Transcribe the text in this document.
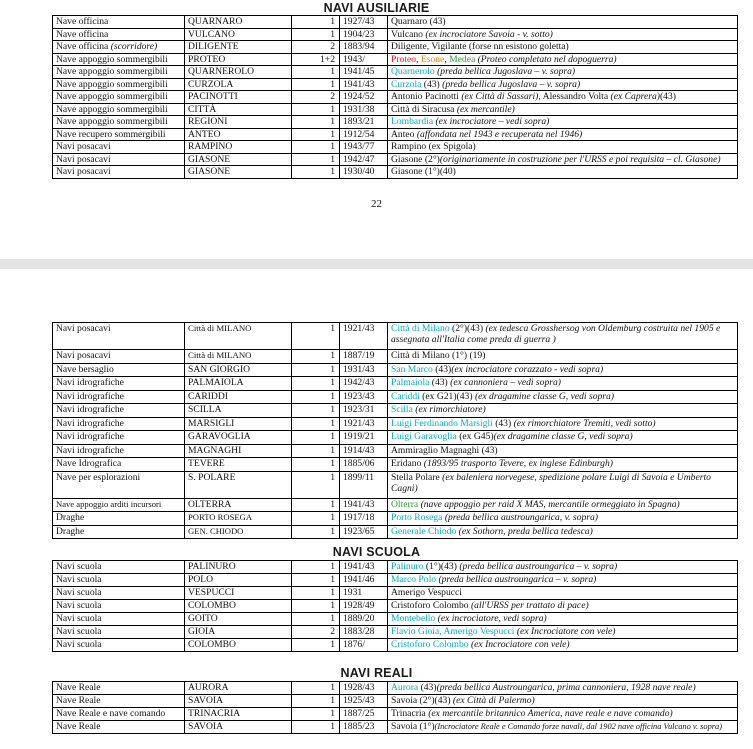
NAVI AUSILIARIE
Nave officina	QUARNARO	1	1927/43	Quarnaro (43)
Nave officina	VULCANO	1	1904/23	Vulcano (ex incrociatore Savoia - v. sotto)
Nave officina (scorridore)	DILIGENTE	2	1883/94	Diligente, Vigilante (forse nn esistono goletta)
Nave appoggio sommergibili	PROTEO	1+2	1943/	Proteo, Esone, Medea (Proteo completato nel dopoguerra)
Nave appoggio sommergibili	QUARNEROLO	1	1941/45	Quarnerolo (preda bellica Jugoslava – v. sopra)
Nave appoggio sommergibili	CURZOLA	1	1941/43	Curzola (43) (preda bellica Jugoslava – v. sopra)
Nave appoggio sommergibili	PACINOTTI	2	1924/52	Antonio Pacinotti (ex Città di Sassari), Alessandro Volta (ex Caprera)(43)
Nave appoggio sommergibili	CITTÀ	1	1931/38	Città di Siracusa (ex mercantile)
Nave appoggio sommergibili	REGIONI	1	1893/21	Lombardia (ex incrociatore – vedi sopra)
Nave recupero sommergibili	ANTEO	1	1912/54	Anteo (affondata nel 1943 e recuperata nel 1946)
Navi posacavi	RAMPINO	1	1943/77	Rampino (ex Spigola)
Navi posacavi	GIASONE	1	1942/47	Giasone (2°)(originariamente in costruzione per l'URSS e poi requisita – cl. Giasone)
Navi posacavi	GIASONE	1	1930/40	Giasone (1°)(40)
22
Navi posacavi	Città di MILANO	1	1921/43	Città di Milano (2°)(43) (ex tedesca Grosshersog von Oldemburg costruita nel 1905 e assegnata all'Italia come preda di guerra )
Navi posacavi	Città di MILANO	1	1887/19	Città di Milano (1°) (19)
Nave bersaglio	SAN GIORGIO	1	1931/43	San Marco (43)(ex incrociatore corazzato - vedi sopra)
Navi idrografiche	PALMAIOLA	1	1942/43	Palmaiola (43) (ex cannoniera – vedi sopra)
Navi idrografiche	CARIDDI	1	1923/43	Cariddi (ex G21)(43) (ex dragamine classe G, vedi sopra)
Navi idrografiche	SCILLA	1	1923/31	Scilla (ex rimorchiatore)
Navi idrografiche	MARSIGLI	1	1921/43	Luigi Ferdinando Marsigli (43) (ex rimorchiatore Tremiti, vedi sotto)
Navi idrografiche	GARAVOGLIA	1	1919/21	Luigi Garavoglia (ex G45)(ex dragamine classe G, vedi sopra)
Navi idrografiche	MAGNAGHI	1	1914/43	Ammiraglio Magnaghi (43)
Nave Idrografica	TEVERE	1	1885/06	Eridano (1893/95 trasporto Tevere, ex inglese Edinburgh)
Nave per esplorazioni	S. POLARE	1	1899/11	Stella Polare (ex baleniera norvegese, spedizione polare Luigi di Savoia e Umberto Cagni)
Nave appoggio arditi incursori	OLTERRA	1	1941/43	Olterra (nave appoggio per raid X MAS, mercantile ormeggiato in Spagna)
Draghe	PORTO ROSEGA	1	1917/18	Porto Rosega (preda bellica austroungarica, v. sopra)
Draghe	GEN. CHIODO	1	1923/65	Generale Chiodo (ex Sothorn, preda bellica tedesca)
NAVI SCUOLA
Navi scuola	PALINURO	1	1941/43	Palinuro (1°)(43) (preda bellica austroungarica – v. sopra)
Navi scuola	POLO	1	1941/46	Marco Polo (preda bellica austroungarica – v. sopra)
Navi scuola	VESPUCCI	1	1931	Amerigo Vespucci
Navi scuola	COLOMBO	1	1928/49	Cristoforo Colombo (all'URSS per trattato di pace)
Navi scuola	GOITO	1	1889/20	Montebello (ex incrociatore, vedi sopra)
Navi scuola	GIOIA	2	1883/28	Flavio Gioia, Amerigo Vespucci (ex Incrociatore con vele)
Navi scuola	COLOMBO	1	1876/	Cristoforo Colombo (ex Incrociatore con vele)
NAVI REALI
Nave Reale	AURORA	1	1928/43	Aurora (43)(preda bellica Austroungarica, prima cannoniera, 1928 nave reale)
Nave Reale	SAVOIA	1	1925/43	Savoia (2°)(43) (ex Città di Palermo)
Nave Reale e nave comando	TRINACRIA	1	1887/25	Trinacria (ex mercantile britannico America, nave reale e nave comando)
Nave Reale	SAVOIA	1	1885/23	Savoia (1°)(Incrociatore Reale e Comando forze navali, dal 1902 nave officina Vulcano v. sopra)
